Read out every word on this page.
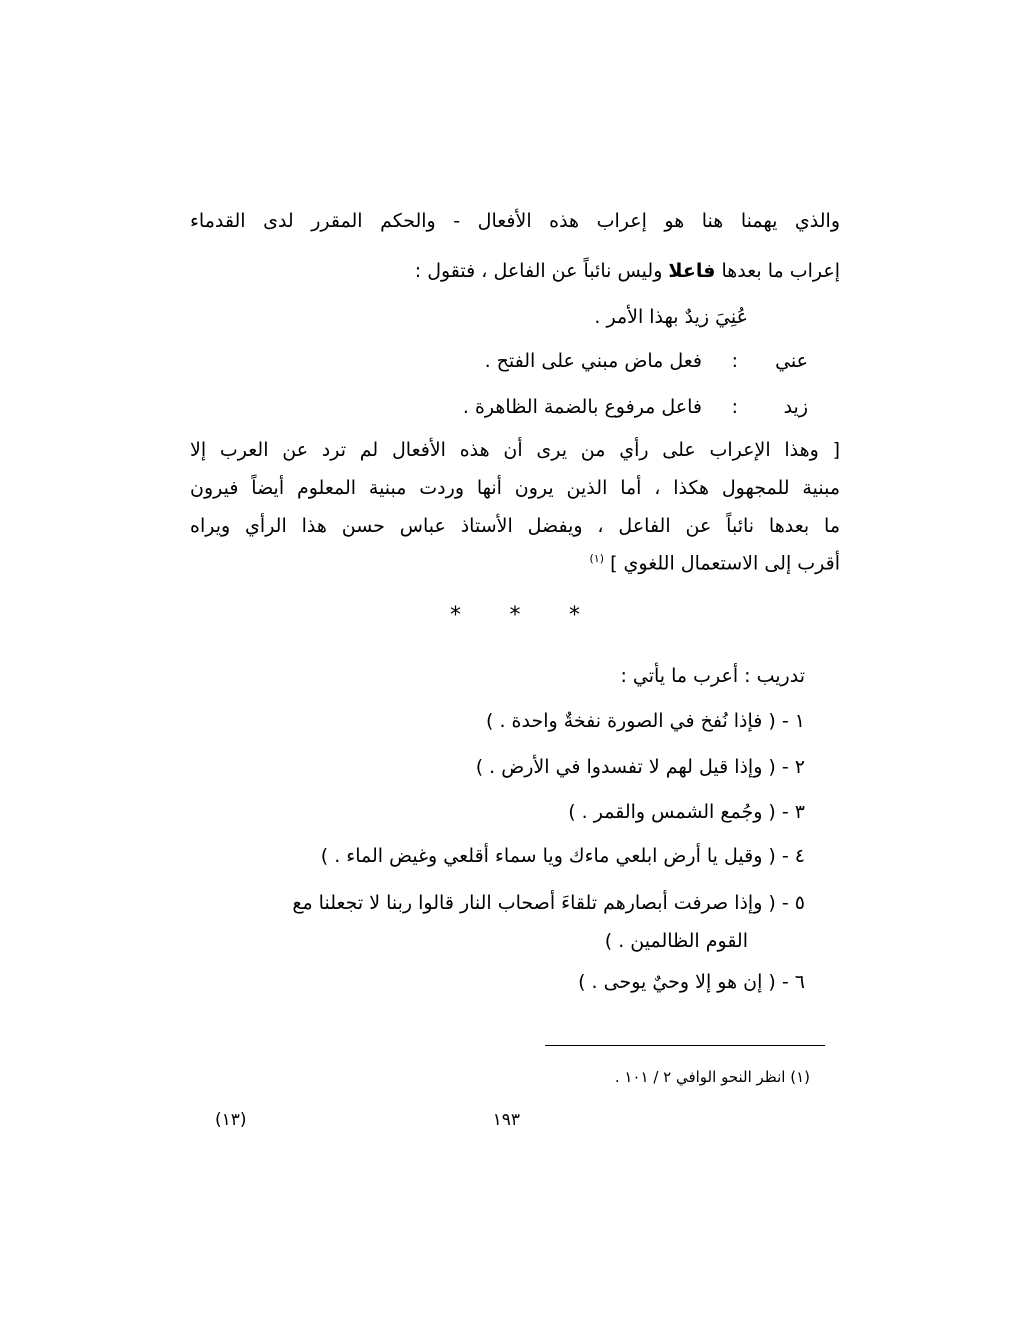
والذي يهمنا هنا هو إعراب هذه الأفعال - والحكم المقرر لدى القدماء
إعراب ما بعدها فاعلا وليس نائباً عن الفاعل ، فتقول :
عُنِيَ زيدٌ بهذا الأمر .
عني
:
فعل ماض مبني على الفتح .
زيد
:
فاعل مرفوع بالضمة الظاهرة .
[ وهذا الإعراب على رأي من يرى أن هذه الأفعال لم ترد عن العرب إلا
مبنية للمجهول هكذا ، أما الذين يرون أنها وردت مبنية المعلوم أيضاً فيرون
ما بعدها نائباً عن الفاعل ، ويفضل الأستاذ عباس حسن هذا الرأي ويراه
أقرب إلى الاستعمال اللغوي ] $^{(١)}$
* * *
تدريب : أعرب ما يأتي :
١ - ( فإذا نُفخ في الصورة نفخةٌ واحدة . )
٢ - ( وإذا قيل لهم لا تفسدوا في الأرض . )
٣ - ( وجُمع الشمس والقمر . )
٤ - ( وقيل يا أرض ابلعي ماءك ويا سماء أقلعي وغيض الماء . )
٥ - ( وإذا صرفت أبصارهم تلقاءَ أصحاب النار قالوا ربنا لا تجعلنا مع
القوم الظالمين . )
٦ - ( إن هو إلا وحيٌ يوحى . )
(١) انظر النحو الوافي ٢ / ١٠١ .
١٩٣
(١٣)
